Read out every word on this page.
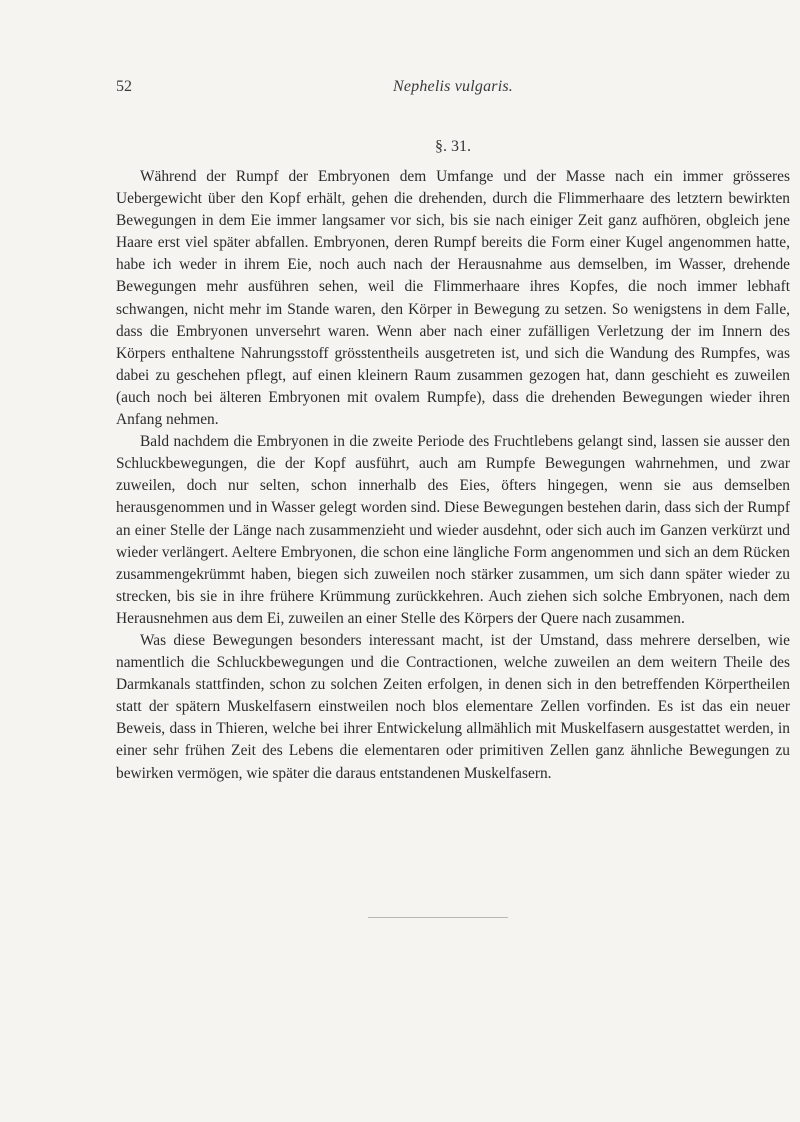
52	Nephelis vulgaris.
§. 31.

Während der Rumpf der Embryonen dem Umfange und der Masse nach ein immer grösseres Uebergewicht über den Kopf erhält, gehen die drehenden, durch die Flimmerhaare des letztern bewirkten Bewegungen in dem Eie immer langsamer vor sich, bis sie nach einiger Zeit ganz aufhören, obgleich jene Haare erst viel später abfallen. Embryonen, deren Rumpf bereits die Form einer Kugel angenommen hatte, habe ich weder in ihrem Eie, noch auch nach der Herausnahme aus demselben, im Wasser, drehende Bewegungen mehr ausführen sehen, weil die Flimmerhaare ihres Kopfes, die noch immer lebhaft schwangen, nicht mehr im Stande waren, den Körper in Bewegung zu setzen. So wenigstens in dem Falle, dass die Embryonen unversehrt waren. Wenn aber nach einer zufälligen Verletzung der im Innern des Körpers enthaltene Nahrungsstoff grösstentheils ausgetreten ist, und sich die Wandung des Rumpfes, was dabei zu geschehen pflegt, auf einen kleinern Raum zusammen gezogen hat, dann geschieht es zuweilen (auch noch bei älteren Embryonen mit ovalem Rumpfe), dass die drehenden Bewegungen wieder ihren Anfang nehmen.

Bald nachdem die Embryonen in die zweite Periode des Fruchtlebens gelangt sind, lassen sie ausser den Schluckbewegungen, die der Kopf ausführt, auch am Rumpfe Bewegungen wahrnehmen, und zwar zuweilen, doch nur selten, schon innerhalb des Eies, öfters hingegen, wenn sie aus demselben herausgenommen und in Wasser gelegt worden sind. Diese Bewegungen bestehen darin, dass sich der Rumpf an einer Stelle der Länge nach zusammenzieht und wieder ausdehnt, oder sich auch im Ganzen verkürzt und wieder verlängert. Aeltere Embryonen, die schon eine längliche Form angenommen und sich an dem Rücken zusammengekrümmt haben, biegen sich zuweilen noch stärker zusammen, um sich dann später wieder zu strecken, bis sie in ihre frühere Krümmung zurückkehren. Auch ziehen sich solche Embryonen, nach dem Herausnehmen aus dem Ei, zuweilen an einer Stelle des Körpers der Quere nach zusammen.

Was diese Bewegungen besonders interessant macht, ist der Umstand, dass mehrere derselben, wie namentlich die Schluckbewegungen und die Contractionen, welche zuweilen an dem weitern Theile des Darmkanals stattfinden, schon zu solchen Zeiten erfolgen, in denen sich in den betreffenden Körpertheilen statt der spätern Muskelfasern einstweilen noch blos elementare Zellen vorfinden. Es ist das ein neuer Beweis, dass in Thieren, welche bei ihrer Entwickelung allmählich mit Muskelfasern ausgestattet werden, in einer sehr frühen Zeit des Lebens die elementaren oder primitiven Zellen ganz ähnliche Bewegungen zu bewirken vermögen, wie später die daraus entstandenen Muskelfasern.
